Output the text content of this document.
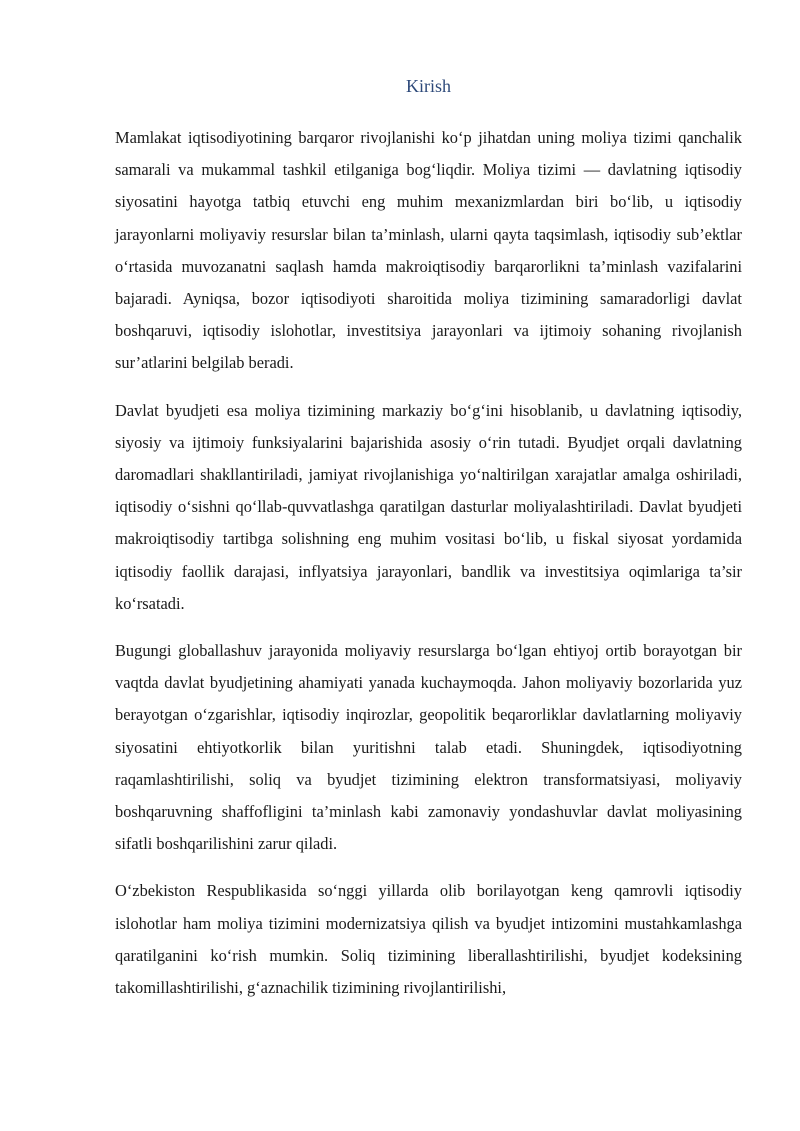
Kirish

Mamlakat iqtisodiyotining barqaror rivojlanishi ko‘p jihatdan uning moliya tizimi qanchalik samarali va mukammal tashkil etilganiga bog‘liqdir. Moliya tizimi — davlatning iqtisodiy siyosatini hayotga tatbiq etuvchi eng muhim mexanizmlardan biri bo‘lib, u iqtisodiy jarayonlarni moliyaviy resurslar bilan ta’minlash, ularni qayta taqsimlash, iqtisodiy sub’ektlar o‘rtasida muvozanatni saqlash hamda makroiqtisodiy barqarorlikni ta’minlash vazifalarini bajaradi. Ayniqsa, bozor iqtisodiyoti sharoitida moliya tizimining samaradorligi davlat boshqaruvi, iqtisodiy islohotlar, investitsiya jarayonlari va ijtimoiy sohaning rivojlanish sur’atlarini belgilab beradi.

Davlat byudjeti esa moliya tizimining markaziy bo‘g‘ini hisoblanib, u davlatning iqtisodiy, siyosiy va ijtimoiy funksiyalarini bajarishida asosiy o‘rin tutadi. Byudjet orqali davlatning daromadlari shakllantiriladi, jamiyat rivojlanishiga yo‘naltirilgan xarajatlar amalga oshiriladi, iqtisodiy o‘sishni qo‘llab-quvvatlashga qaratilgan dasturlar moliyalashtiriladi. Davlat byudjeti makroiqtisodiy tartibga solishning eng muhim vositasi bo‘lib, u fiskal siyosat yordamida iqtisodiy faollik darajasi, inflyatsiya jarayonlari, bandlik va investitsiya oqimlariga ta’sir ko‘rsatadi.

Bugungi globallashuv jarayonida moliyaviy resurslarga bo‘lgan ehtiyoj ortib borayotgan bir vaqtda davlat byudjetining ahamiyati yanada kuchaymoqda. Jahon moliyaviy bozorlarida yuz berayotgan o‘zgarishlar, iqtisodiy inqirozlar, geopolitik beqarorliklar davlatlarning moliyaviy siyosatini ehtiyotkorlik bilan yuritishni talab etadi. Shuningdek, iqtisodiyotning raqamlashtirilishi, soliq va byudjet tizimining elektron transformatsiyasi, moliyaviy boshqaruvning shaffofligini ta’minlash kabi zamonaviy yondashuvlar davlat moliyasining sifatli boshqarilishini zarur qiladi.

O‘zbekiston Respublikasida so‘nggi yillarda olib borilayotgan keng qamrovli iqtisodiy islohotlar ham moliya tizimini modernizatsiya qilish va byudjet intizomini mustahkamlashga qaratilganini ko‘rish mumkin. Soliq tizimining liberallashtirilishi, byudjet kodeksining takomillashtirilishi, g‘aznachilik tizimining rivojlantirilishi,
